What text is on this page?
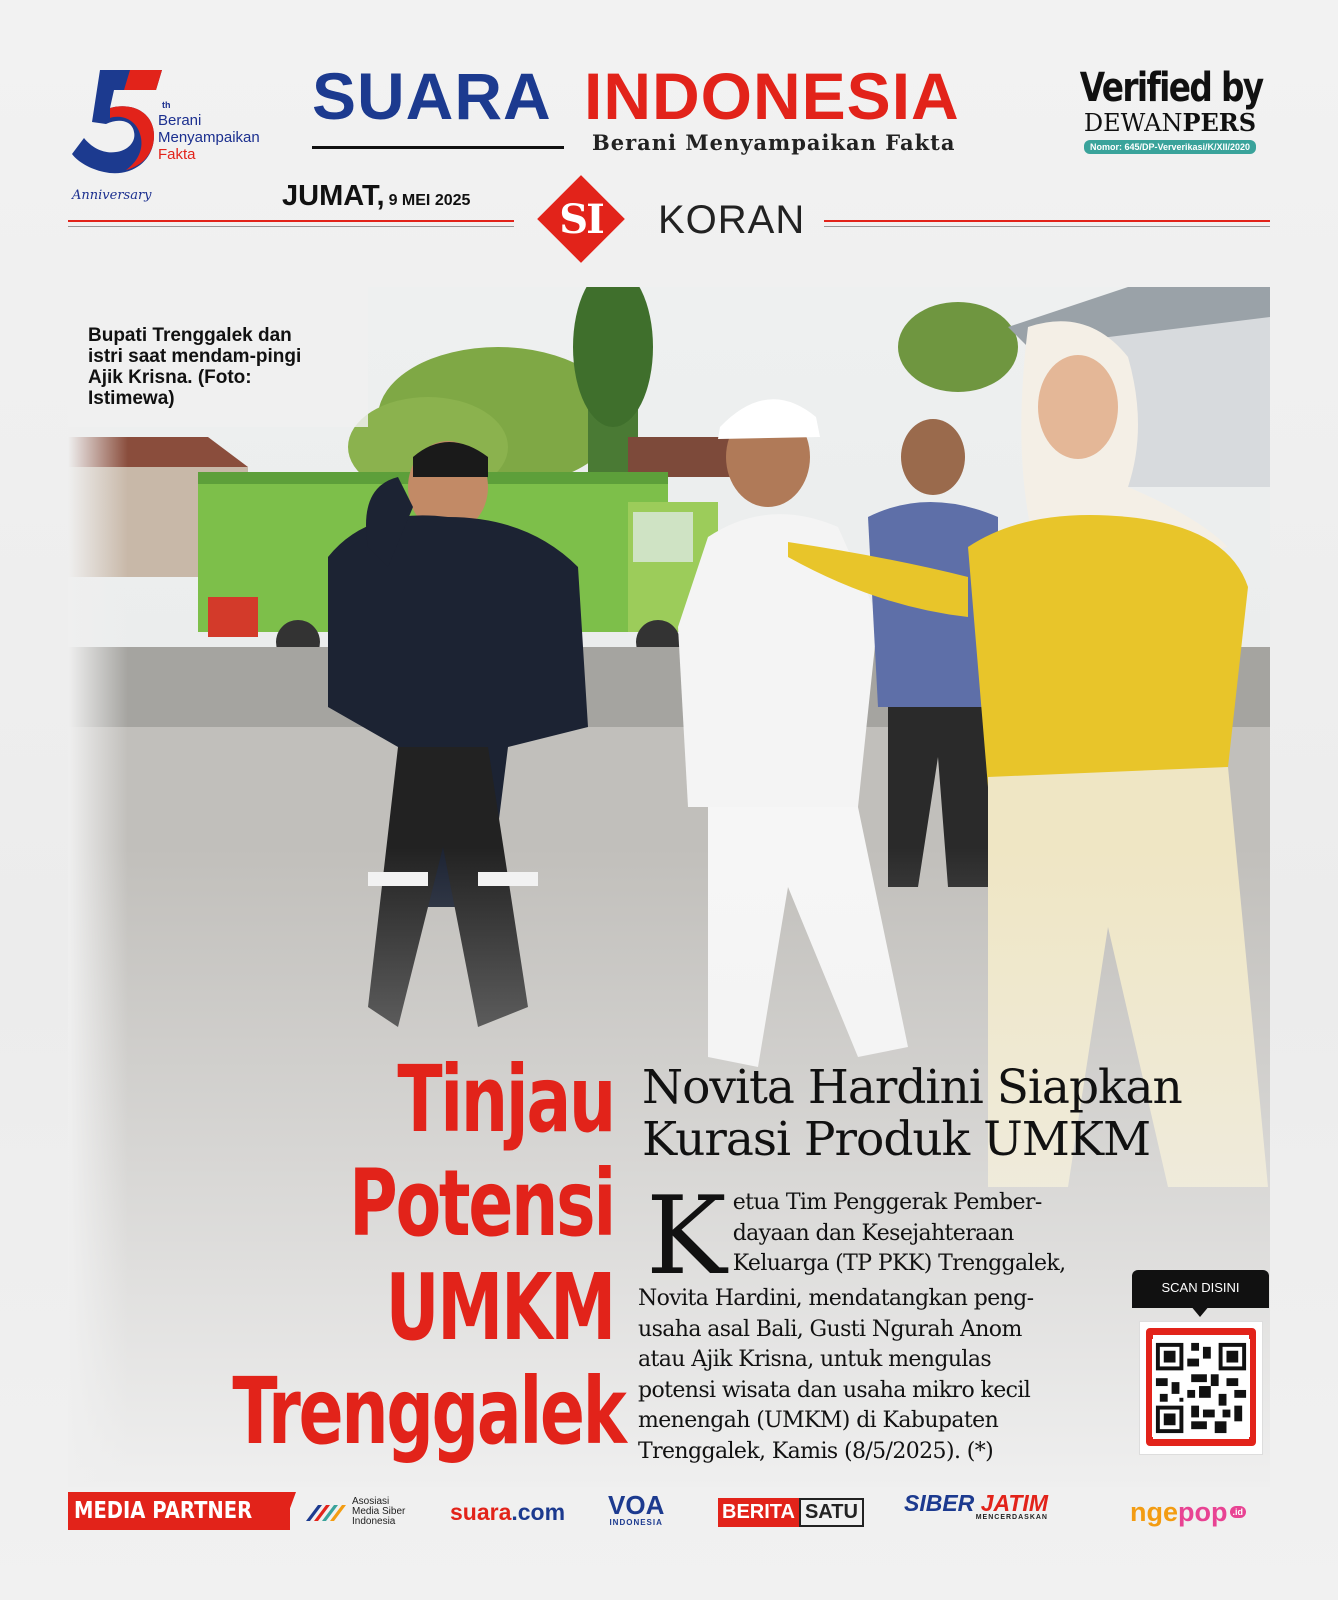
th
Berani
Menyampaikan
Fakta
Anniversary
SUARA INDONESIA
Berani Menyampaikan Fakta
Verified by
DEWANPERS
Nomor: 645/DP-Ververikasi/K/XII/2020
JUMAT, 9 MEI 2025	SI	KORAN
Bupati Trenggalek dan istri saat mendam-pingi Ajik Krisna. (Foto: Istimewa)
Tinjau
Potensi
UMKM
Trenggalek
Novita Hardini Siapkan
Kurasi Produk UMKM
K etua Tim Penggerak Pember-
dayaan dan Kesejahteraan
Keluarga (TP PKK) Trenggalek,
Novita Hardini, mendatangkan peng-
usaha asal Bali, Gusti Ngurah Anom
atau Ajik Krisna, untuk mengulas
potensi wisata dan usaha mikro kecil
menengah (UMKM) di Kabupaten
Trenggalek, Kamis (8/5/2025). (*)
SCAN DISINI
MEDIA PARTNER	Asosiasi
Media Siber
Indonesia	suara .com VOA
INDONESIA	BERITA SATU SIBER JATIM
MENCERDASKAN	nge pop .id
